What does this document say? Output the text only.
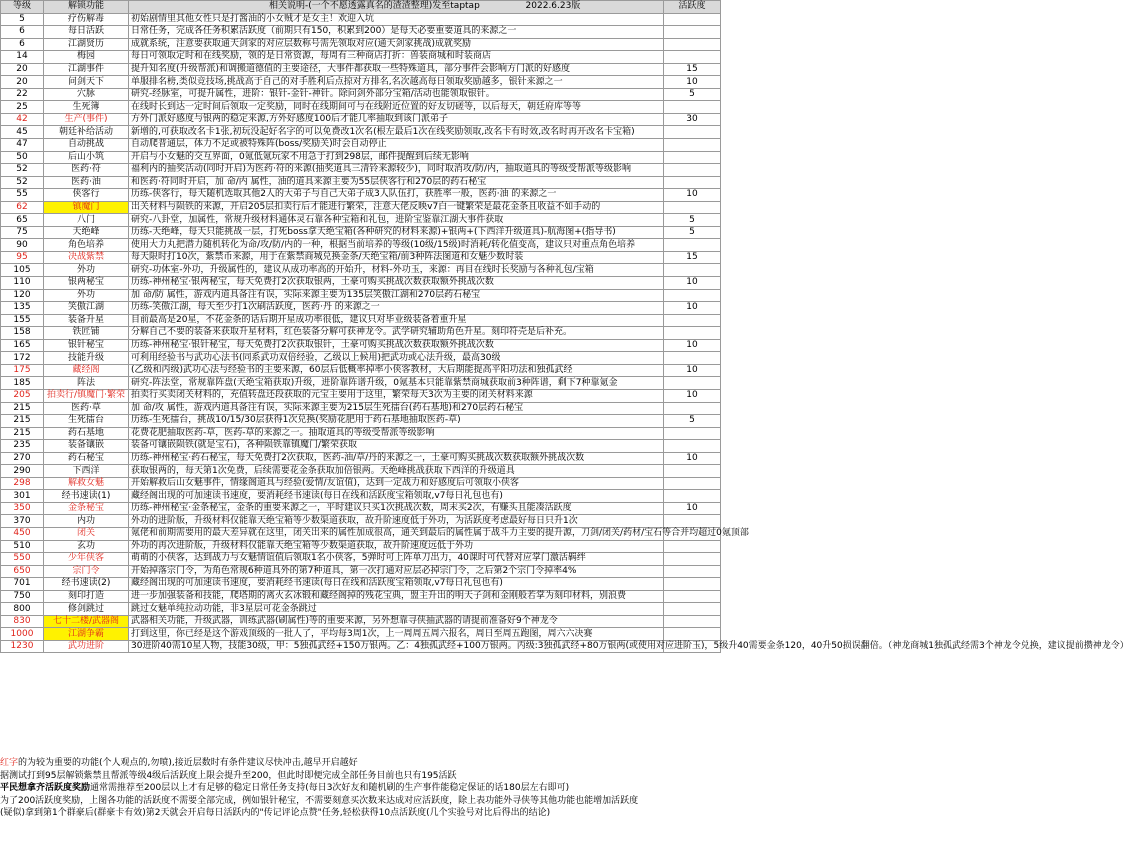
等级	解锁功能	相关说明-(一个不愿透露真名的渣渣整理)发至taptap 2022.6.23版	活跃度
5	疗伤解毒	初始剧情里其他女性只是打酱油的小女贼才是女主！欢迎入坑	
6	每日活跃	日常任务，完成各任务积累活跃度（前期只有150，积累到200）是每天必要重要道具的来源之一	
6	江湖贤历	成就系统，注意要获取通天剑家的对应层数称号需先领取对应(通天剑家挑战)成就奖励	
14	梅园	每日可领取定时和在线奖励，领的是日常资源，每周有三种商店打折：兽装商城和时装商店	
20	江湖事件	提升知名度(升级帮派)和调搬道德值的主要途径，大事件都获取一些特殊道具，部分事件会影响方门派的好感度	15
20	问剑天下	单服排名榜,类似竞技场,挑战高于自己的对手胜利后点掠对方排名,名次越高每日领取奖励越多，银针来源之一	10
22	穴脉	研究-经脉室，可提升属性，进阶：银针-金针-神针。除问剑外部分宝箱/活动也能领取银针。	5
25	生死簿	在线时长到达一定时间后领取一定奖励，同时在线期间可与在线附近位置的好友切磋等，以后每天，朝廷府库等等	
42	生产(事件)	方外门派好感度与银两的稳定来源,方外好感度100后才能几率抽取到该门派弟子	30
45	朝廷补给活动	新增的,可获取改名卡1张,初玩没起好名字的可以免费改1次名(根左最后1次在线奖励领取,改名卡有时效,改名时再开改名卡宝箱)	
47	自动挑战	自动爬普通层，体力不足或被特殊阵(boss/奖励关)时会自动停止	
50	后山小筑	开启与小女魅的交互界面，0氪低氪玩家不用急于打到298层，邮件提醒到后续无影响	
52	医药·符	福利内的抽奖活动(同时开启)为医药·符的来源(抽奖道具三清铃来源较少)，同时取消攻/防/内，抽取道具的等级受帮派等级影响	
52	医药·油	和医药·符同时开启，加 命/内 属性，油的道具来源主要为55层侠客行和270层的药石秘宝	
55	侠客行	历练-侠客行，每天随机选取其他2人的大弟子与自己大弟子成3人队伍打，获胜率一般，医药·油 的来源之一	10
62	镇魔门	出关材料与陨铁的来源，开启205层扣卖行后才能进行繁荣，注意大佬反映v7白一键繁荣是最花金条且收益不如手动的	
65	八门	研究-八卦堂，加属性，常规升级材料通体灵石靠各种宝箱和礼包，进阶宝鉴靠江湖大事件获取	5
75	天绝峰	历练-天绝峰，每天只能挑战一层，打死boss拿天绝宝箱(各种研究的材料来源)+银两+(下西洋升级道具)-航海图+(指导书)	5
90	角色培养	使用大力丸把潜力随机转化为命/攻/防/内的一种，根据当前培养的等级(10级/15级)时消耗/转化值变高，建议只对重点角色培养	
95	决战紫禁	每天限时打10次，紫禁币来源，用于在紫禁商城兑换金条/天绝宝箱/前3种阵法图道和女魅少数时装	15
105	外功	研究-功体室-外功，升级属性的，建议从成功率高的开始升，材料-外功玉，来源：再目在线时长奖励与各种礼包/宝箱	
110	银两秘宝	历练-神州秘宝·银两秘宝，每天免费打2次获取银两，土豪可购买挑战次数获取额外挑战次数	10
120	外功	加 命/防 属性，游戏内道具备注有误，实际来源主要为135层笑傲江湖和270层药石秘宝	
135	笑傲江湖	历练-笑傲江湖，每天至少打1次刷活跃度，医药·丹 的来源之一	10
155	装备升星	目前最高是20星，不花金条的话后期开星成功率很低，建议只对毕业级装备着重升星	
158	铁匠铺	分解自己不要的装备来获取升星材料，红色装备分解可获神龙令。武学研究辅助角色升星。刻印符壳是后补充。	
165	银针秘宝	历练-神州秘宝·银针秘宝，每天免费打2次获取银针，土豪可购买挑战次数获取额外挑战次数	10
172	技能升级	可利用经验书与武功心法书(同系武功双倍经验，乙级以上候用)把武功或心法升级，最高30级	
175	藏经阁	(乙级和丙级)武功心法与经验书的主要来源，60层后低概率掉率小侠客教材，大后期能提高平阳功法和独孤武经	10
185	阵法	研究-阵法堂，常规靠阵盘(天绝宝箱获取)升级，进阶靠阵谱升级，0氪基本只能靠紫禁商城获取前3种阵谱，剩下7种靠氪金	
205	拍卖行/镇魔门·繁荣	拍卖行买卖闭关材料的，充值转盘还段获取的元宝主要用于这里，繁荣每天3次为主要的闭关材料来源	10
215	医药·草	加 命/攻 属性，游戏内道具备注有误，实际来源主要为215层生死擂台(药石基地)和270层药石秘宝	
215	生死擂台	历练-生死擂台，挑战10/15/30层获得1次兑换(奖励花肥用于药石基地抽取医药-草)	5
215	药石基地	花费花肥抽取医药-草，医药-草的来源之一。抽取道具的等级受帮派等级影响	
235	装备镶嵌	装备可镶嵌陨铁(就是宝石)，各种陨铁靠镇魔门/繁荣获取	
270	药石秘宝	历练-神州秘宝·药石秘宝，每天免费打2次获取，医药-油/草/丹的来源之一，土豪可购买挑战次数获取额外挑战次数	10
290	下西洋	获取银两的，每天第1次免费，后续需要花金条获取加倍银两。天绝峰挑战获取下西洋的升级道具	
298	解救女魅	开始解救后山女魅事件，情缘阁道具与经验(爱情/友谊值)，达到一定战力和好感度后可领取小侠客	
301	经书速读(1)	藏经阁出现的可加速读书速度，要消耗经书速读(每日在线和活跃度宝箱领取,v7每日礼包也有)	
350	金条秘宝	历练-神州秘宝·金条秘宝，金条的重要来源之一，平时建议只买1次挑战次数，周末买2次，有赚头且能凑活跃度	10
370	内功	外功的进阶版，升级材料仅能靠天绝宝箱等少数渠道获取，故升阶速度低于外功，为活跃度考虑最好每日只升1次	
450	闭关	氪佬和前期需要用的最大差异就在这里，闭关出来的属性加成很高，通关到最后的属性属于战斗力主要的提升源，刀剑/闭关/药材/宝石等合并均超过0氪顶部	
510	玄功	外功的再次进阶版，升级材料仅能靠天绝宝箱等少数渠道获取，故升阶速度远低于外功	
550	少年侠客	萌萌的小侠客，达到战力与女魅情谊值后领取1名小侠客，5弹时可上阵单刀出力，40课时可代替对应掌门激活羁绊	
650	宗门令	开始掉落宗门令，为角色常规6种道具外的第7种道具，第一次打通对应层必掉宗门令，之后第2个宗门令掉率4%	
701	经书速读(2)	藏经阁出现的可加速读书速度，要消耗经书速读(每日在线和活跃度宝箱领取,v7每日礼包也有)	
750	刻印打造	进一步加强装备和技能，爬塔期的离火玄冰锻和藏经阁掉的残花宝典，盟主升出的明天子剑和金刚般若掌为刻印材料，别浪费	
800	修剑跳过	跳过女魅单纯拉动功能，非3星层可花金条跳过	
830	七十二楼/武器阁	武器相关功能，升级武器，训练武器(刷属性)等的重要来源，另外想靠寻侠抽武器的请提前准备好9个神龙令	
1000	江湖争霸	打到这里，你已经是这个游戏顶级的一批人了，平均每3周1次，上一周周五周六报名，周日至周五跑图，周六六决赛	
1230	武功进阶	30进阶40需10星人物，技能30级，甲：5独孤武经+150万银两。乙：4独孤武经+100万银两。丙级:3独孤武经+80万银两(或使用对应进阶玉)，5级升40需要金条120，40升50损误翻倍。（神龙商城1独孤武经需3个神龙令兑换，建议提前攒神龙令）	
红字的为较为重要的功能(个人观点的,勿喷),接近层数时有条件建议尽快冲击,越早开启越好
据测试打到95层解锁紫禁且帮派等级4级后活跃度上限会提升至200，但此时即便完成全部任务目前也只有195活跃
平民想拿齐活跃度奖励通常需推荐至200层以上才有足够的稳定日常任务支持(每日3次好友和随机刷的生产事件能稳定保证的话180层左右即可)
为了200活跃度奖励，上图各功能的活跃度不需要全部完成，例如银针秘宝，不需要刻意买次数来达成对应活跃度，除上表功能外寻侠等其他功能也能增加活跃度
(疑似)拿到第1个群豪后(群豪卡有效)第2天就会开启每日活跃内的"传记评论点赞"任务,轻松获得10点活跃度(几个实验号对比后得出的结论)
